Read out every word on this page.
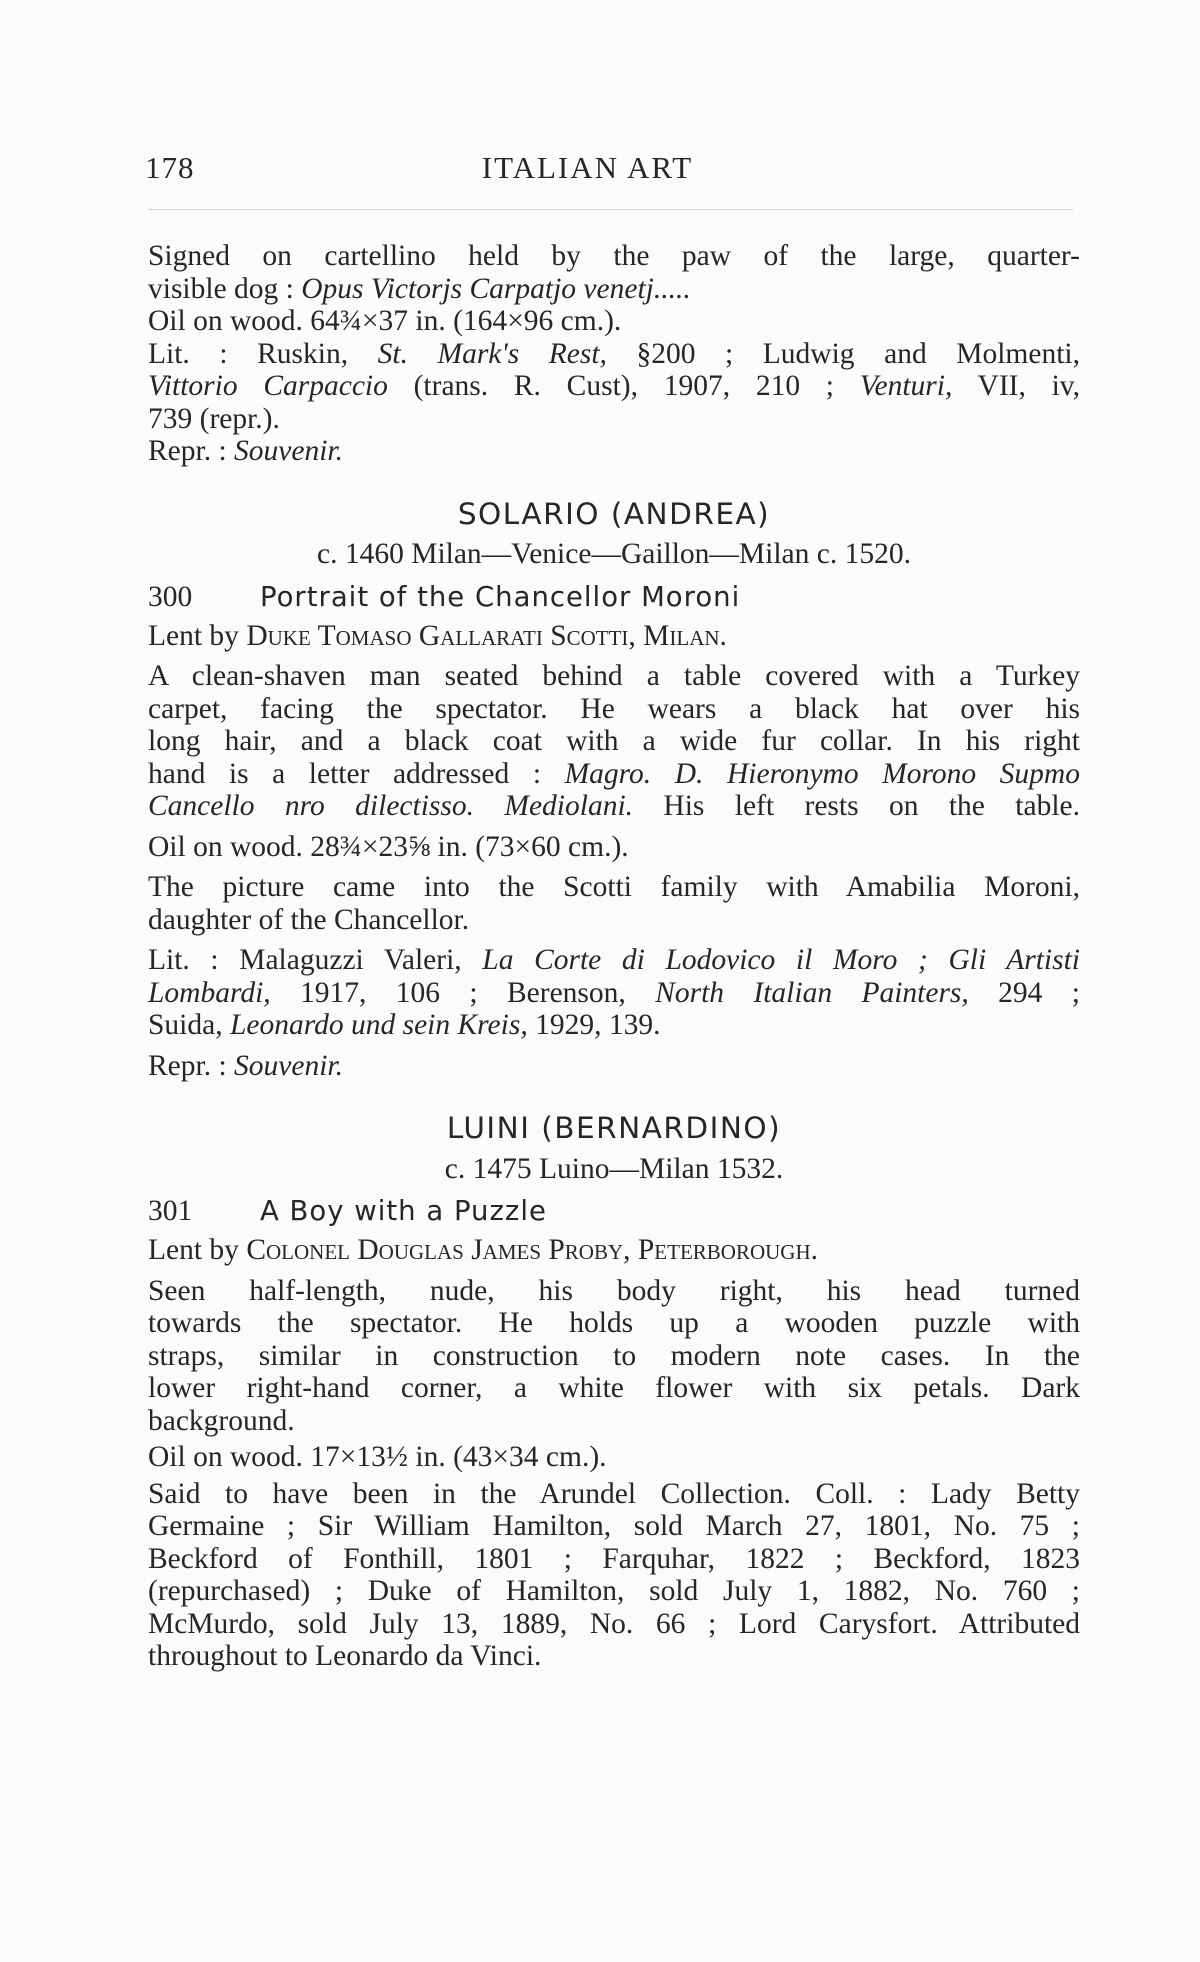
178	ITALIAN ART

Signed on cartellino held by the paw of the large, quarter-

visible dog : Opus Victorjs Carpatjo venetj.....

Oil on wood. 64¾×37 in. (164×96 cm.).

Lit. : Ruskin, St. Mark's Rest, §200 ; Ludwig and Molmenti,

Vittorio Carpaccio (trans. R. Cust), 1907, 210 ; Venturi, VII, iv,

739 (repr.).

Repr. : Souvenir.

SOLARIO (ANDREA)

c. 1460 Milan—Venice—Gaillon—Milan c. 1520.

300	Portrait of the Chancellor Moroni

Lent by Duke Tomaso Gallarati Scotti, Milan.

A clean-shaven man seated behind a table covered with a Turkey

carpet, facing the spectator. He wears a black hat over his

long hair, and a black coat with a wide fur collar. In his right

hand is a letter addressed : Magro. D. Hieronymo Morono Supmo

Cancello nro dilectisso. Mediolani. His left rests on the table.

Oil on wood. 28¾×23⅝ in. (73×60 cm.).

The picture came into the Scotti family with Amabilia Moroni,

daughter of the Chancellor.

Lit. : Malaguzzi Valeri, La Corte di Lodovico il Moro ; Gli Artisti

Lombardi, 1917, 106 ; Berenson, North Italian Painters, 294 ;

Suida, Leonardo und sein Kreis, 1929, 139.

Repr. : Souvenir.

LUINI (BERNARDINO)

c. 1475 Luino—Milan 1532.

301	A Boy with a Puzzle

Lent by Colonel Douglas James Proby, Peterborough.

Seen half-length, nude, his body right, his head turned

towards the spectator. He holds up a wooden puzzle with

straps, similar in construction to modern note cases. In the

lower right-hand corner, a white flower with six petals. Dark

background.

Oil on wood. 17×13½ in. (43×34 cm.).

Said to have been in the Arundel Collection. Coll. : Lady Betty

Germaine ; Sir William Hamilton, sold March 27, 1801, No. 75 ;

Beckford of Fonthill, 1801 ; Farquhar, 1822 ; Beckford, 1823

(repurchased) ; Duke of Hamilton, sold July 1, 1882, No. 760 ;

McMurdo, sold July 13, 1889, No. 66 ; Lord Carysfort. Attributed

throughout to Leonardo da Vinci.
